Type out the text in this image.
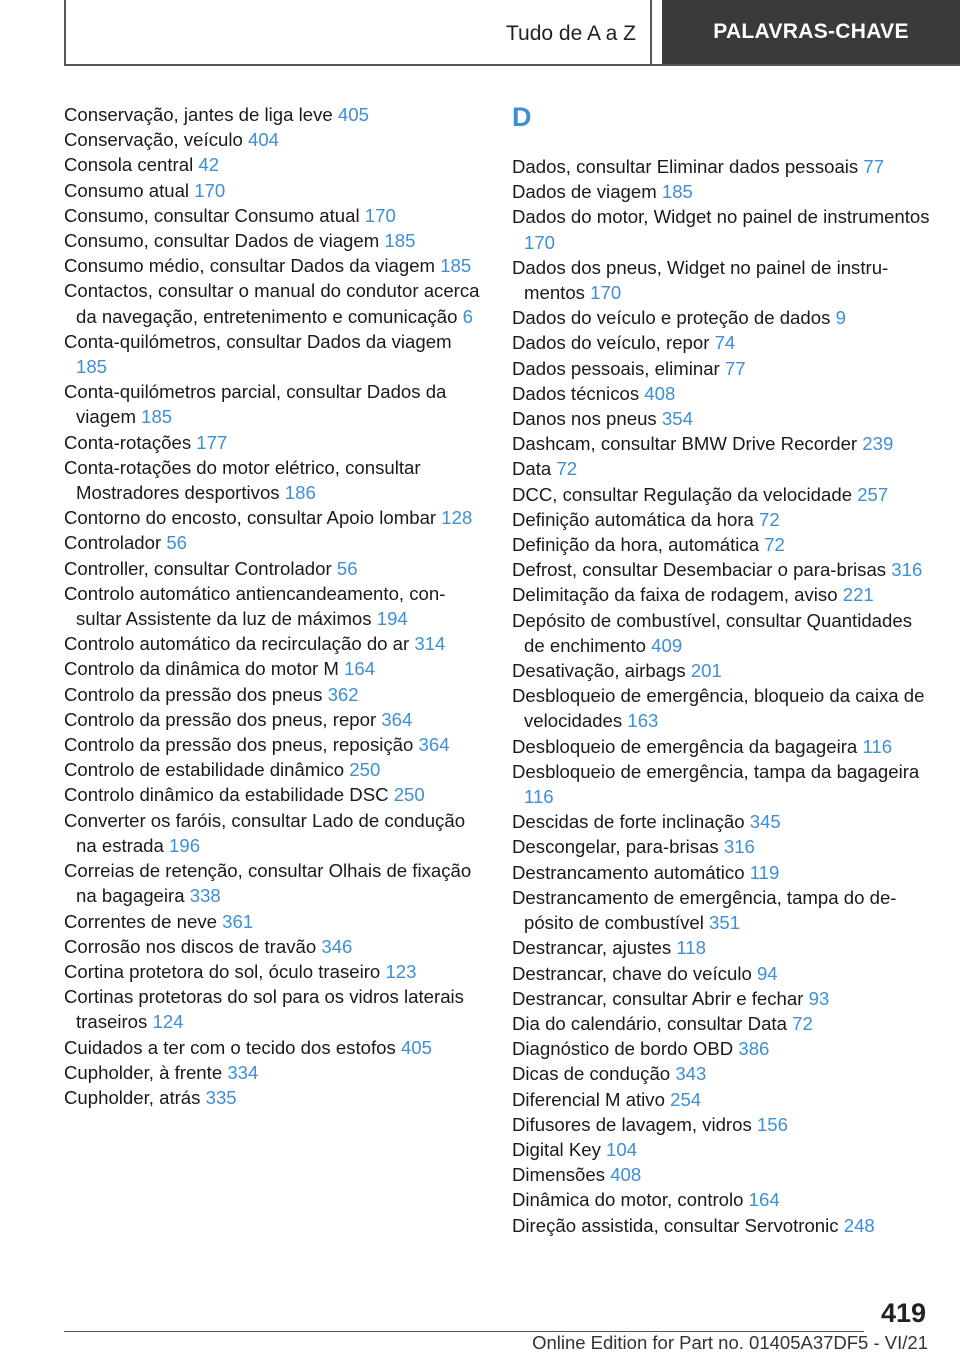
Tudo de A a Z	PALAVRAS-CHAVE
Conservação, jantes de liga leve 405
Conservação, veículo 404
Consola central 42
Consumo atual 170
Consumo, consultar Consumo atual 170
Consumo, consultar Dados de viagem 185
Consumo médio, consultar Dados da viagem 185
Contactos, consultar o manual do condutor acerca da navegação, entretenimento e comunicação 6
Conta-quilómetros, consultar Dados da viagem 185
Conta-quilómetros parcial, consultar Dados da viagem 185
Conta-rotações 177
Conta-rotações do motor elétrico, consultar Mostradores desportivos 186
Contorno do encosto, consultar Apoio lombar 128
Controlador 56
Controller, consultar Controlador 56
Controlo automático antiencandeamento, consultar Assistente da luz de máximos 194
Controlo automático da recirculação do ar 314
Controlo da dinâmica do motor M 164
Controlo da pressão dos pneus 362
Controlo da pressão dos pneus, repor 364
Controlo da pressão dos pneus, reposição 364
Controlo de estabilidade dinâmico 250
Controlo dinâmico da estabilidade DSC 250
Converter os faróis, consultar Lado de condução na estrada 196
Correias de retenção, consultar Olhais de fixação na bagageira 338
Correntes de neve 361
Corrosão nos discos de travão 346
Cortina protetora do sol, óculo traseiro 123
Cortinas protetoras do sol para os vidros laterais traseiros 124
Cuidados a ter com o tecido dos estofos 405
Cupholder, à frente 334
Cupholder, atrás 335
D
Dados, consultar Eliminar dados pessoais 77
Dados de viagem 185
Dados do motor, Widget no painel de instrumentos 170
Dados dos pneus, Widget no painel de instrumentos 170
Dados do veículo e proteção de dados 9
Dados do veículo, repor 74
Dados pessoais, eliminar 77
Dados técnicos 408
Danos nos pneus 354
Dashcam, consultar BMW Drive Recorder 239
Data 72
DCC, consultar Regulação da velocidade 257
Definição automática da hora 72
Definição da hora, automática 72
Defrost, consultar Desembaciar o para-brisas 316
Delimitação da faixa de rodagem, aviso 221
Depósito de combustível, consultar Quantidades de enchimento 409
Desativação, airbags 201
Desbloqueio de emergência, bloqueio da caixa de velocidades 163
Desbloqueio de emergência da bagageira 116
Desbloqueio de emergência, tampa da bagageira 116
Descidas de forte inclinação 345
Descongelar, para-brisas 316
Destrancamento automático 119
Destrancamento de emergência, tampa do depósito de combustível 351
Destrancar, ajustes 118
Destrancar, chave do veículo 94
Destrancar, consultar Abrir e fechar 93
Dia do calendário, consultar Data 72
Diagnóstico de bordo OBD 386
Dicas de condução 343
Diferencial M ativo 254
Difusores de lavagem, vidros 156
Digital Key 104
Dimensões 408
Dinâmica do motor, controlo 164
Direção assistida, consultar Servotronic 248
419
Online Edition for Part no. 01405A37DF5 - VI/21
